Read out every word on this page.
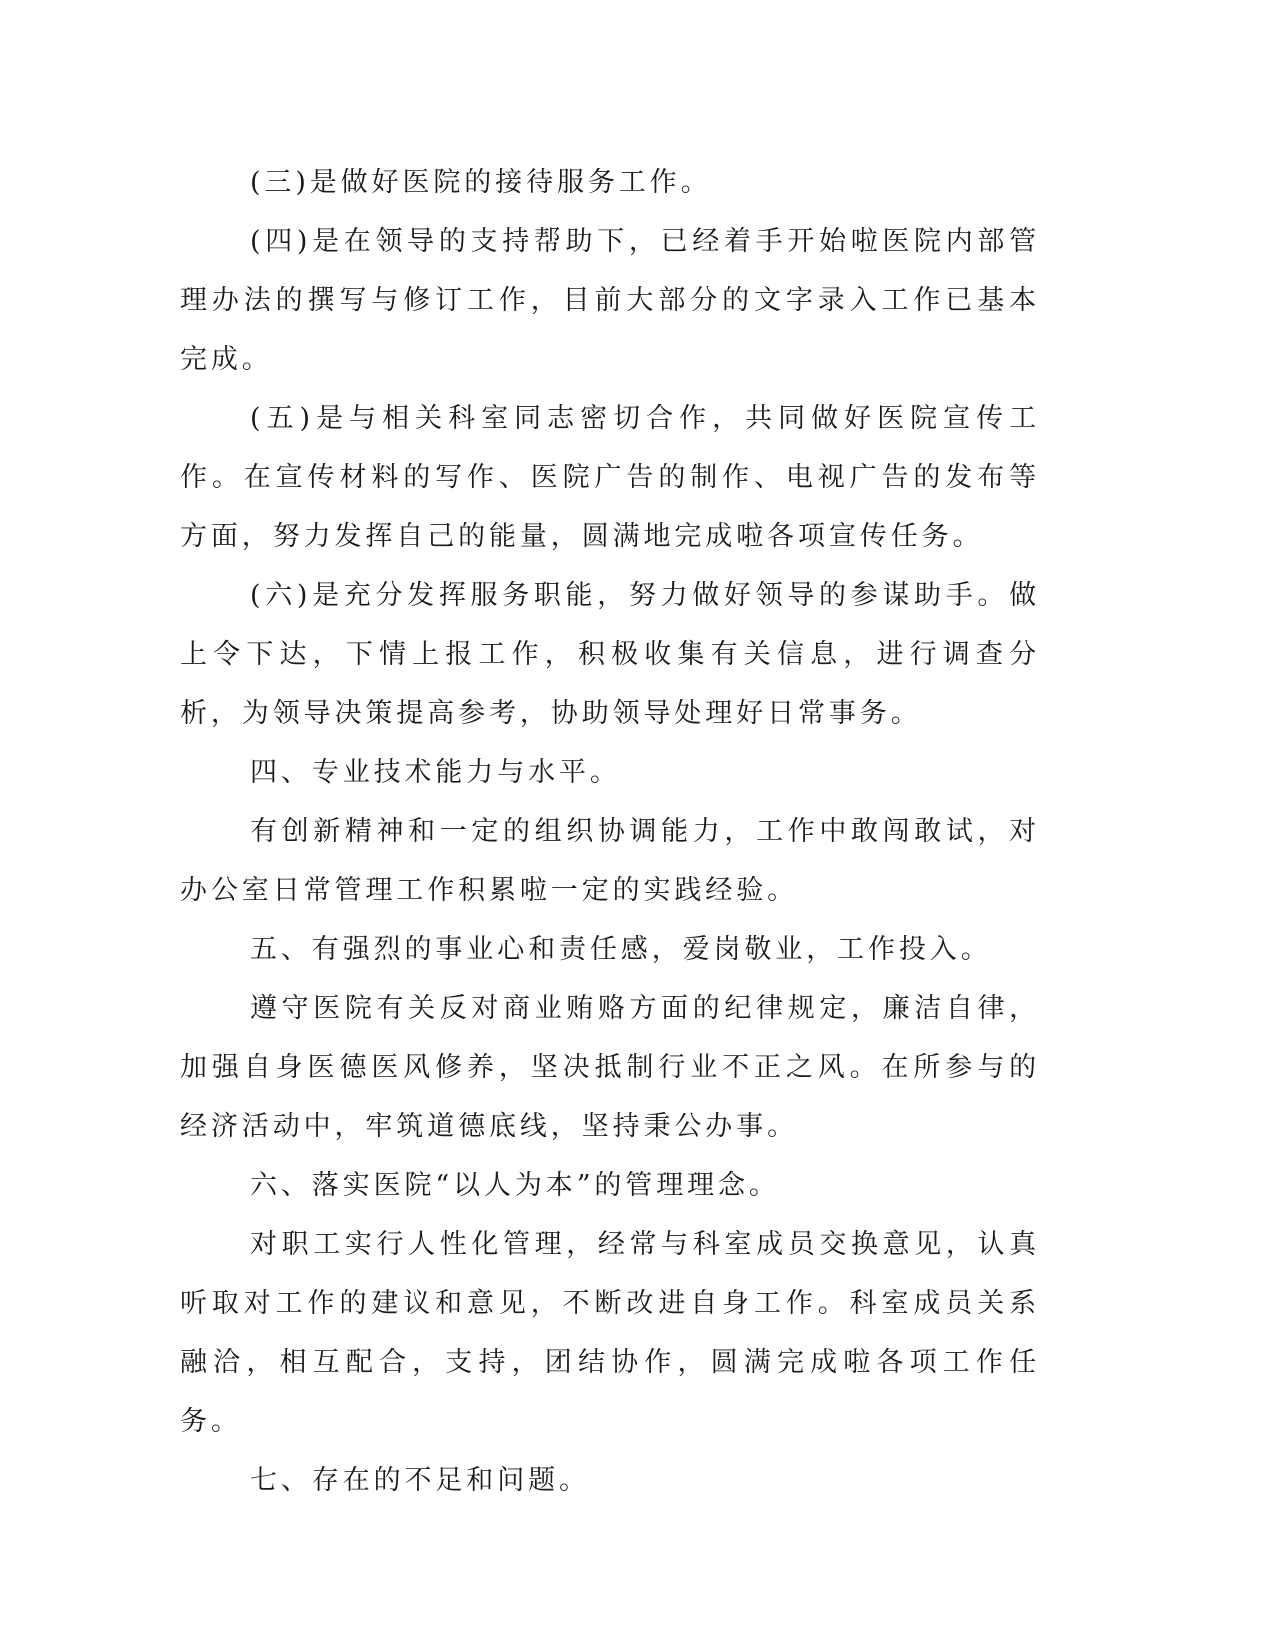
(三)是做好医院的接待服务工作。

(四)是在领导的支持帮助下，已经着手开始啦医院内部管理办法的撰写与修订工作，目前大部分的文字录入工作已基本完成。

(五)是与相关科室同志密切合作，共同做好医院宣传工作。在宣传材料的写作、医院广告的制作、电视广告的发布等方面，努力发挥自己的能量，圆满地完成啦各项宣传任务。

(六)是充分发挥服务职能，努力做好领导的参谋助手。做上令下达，下情上报工作，积极收集有关信息，进行调查分析，为领导决策提高参考，协助领导处理好日常事务。

四、专业技术能力与水平。

有创新精神和一定的组织协调能力，工作中敢闯敢试，对办公室日常管理工作积累啦一定的实践经验。

五、有强烈的事业心和责任感，爱岗敬业，工作投入。

遵守医院有关反对商业贿赂方面的纪律规定，廉洁自律，加强自身医德医风修养，坚决抵制行业不正之风。在所参与的经济活动中，牢筑道德底线，坚持秉公办事。

六、落实医院“以人为本”的管理理念。

对职工实行人性化管理，经常与科室成员交换意见，认真听取对工作的建议和意见，不断改进自身工作。科室成员关系融洽，相互配合，支持，团结协作，圆满完成啦各项工作任务。

七、存在的不足和问题。
